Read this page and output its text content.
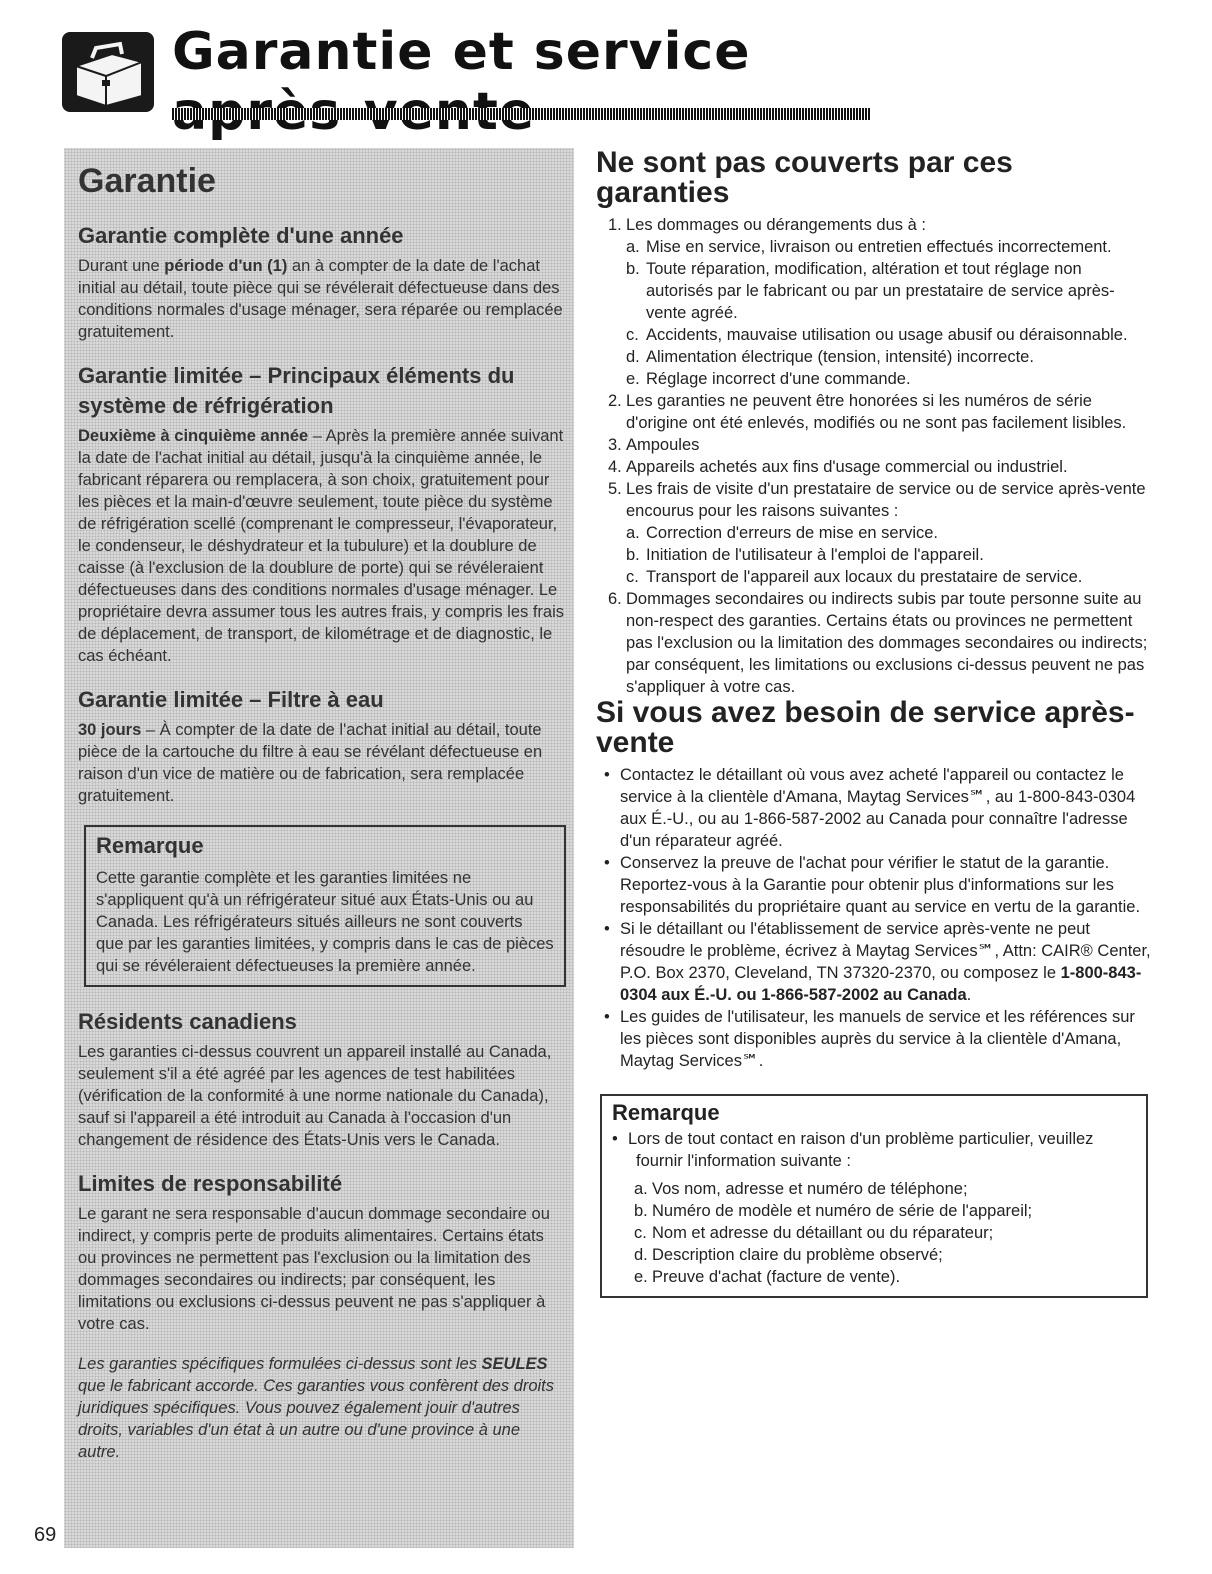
Garantie et service
Garantie
Garantie complète d'une année

Durant une période d'un (1) an à compter de la date de l'achat initial au détail, toute pièce qui se révélerait défectueuse dans des conditions normales d'usage ménager, sera réparée ou remplacée gratuitement.

Garantie limitée – Principaux éléments du système de réfrigération

Deuxième à cinquième année – Après la première année suivant la date de l'achat initial au détail, jusqu'à la cinquième année, le fabricant réparera ou remplacera, à son choix, gratuitement pour les pièces et la main-d'œuvre seulement, toute pièce du système de réfrigération scellé (comprenant le compresseur, l'évaporateur, le condenseur, le déshydrateur et la tubulure) et la doublure de caisse (à l'exclusion de la doublure de porte) qui se révéleraient défectueuses dans des conditions normales d'usage ménager. Le propriétaire devra assumer tous les autres frais, y compris les frais de déplacement, de transport, de kilométrage et de diagnostic, le cas échéant.

Garantie limitée – Filtre à eau

30 jours – À compter de la date de l'achat initial au détail, toute pièce de la cartouche du filtre à eau se révélant défectueuse en raison d'un vice de matière ou de fabrication, sera remplacée gratuitement.

Remarque

Cette garantie complète et les garanties limitées ne s'appliquent qu'à un réfrigérateur situé aux États-Unis ou au Canada. Les réfrigérateurs situés ailleurs ne sont couverts que par les garanties limitées, y compris dans le cas de pièces qui se révéleraient défectueuses la première année.

Résidents canadiens

Les garanties ci-dessus couvrent un appareil installé au Canada, seulement s'il a été agréé par les agences de test habilitées (vérification de la conformité à une norme nationale du Canada), sauf si l'appareil a été introduit au Canada à l'occasion d'un changement de résidence des États-Unis vers le Canada.

Limites de responsabilité

Le garant ne sera responsable d'aucun dommage secondaire ou indirect, y compris perte de produits alimentaires. Certains états ou provinces ne permettent pas l'exclusion ou la limitation des dommages secondaires ou indirects; par conséquent, les limitations ou exclusions ci-dessus peuvent ne pas s'appliquer à votre cas.

Les garanties spécifiques formulées ci-dessus sont les SEULES que le fabricant accorde. Ces garanties vous confèrent des droits juridiques spécifiques. Vous pouvez également jouir d'autres droits, variables d'un état à un autre ou d'une province à une autre.

69
Ne sont pas couverts par ces garanties
1. Les dommages ou dérangements dus à :
a. Mise en service, livraison ou entretien effectués incorrectement.
b. Toute réparation, modification, altération et tout réglage non autorisés par le fabricant ou par un prestataire de service après-vente agréé.
c. Accidents, mauvaise utilisation ou usage abusif ou déraisonnable.
d. Alimentation électrique (tension, intensité) incorrecte.
e. Réglage incorrect d'une commande.
2. Les garanties ne peuvent être honorées si les numéros de série d'origine ont été enlevés, modifiés ou ne sont pas facilement lisibles.
3. Ampoules
4. Appareils achetés aux fins d'usage commercial ou industriel.
5. Les frais de visite d'un prestataire de service ou de service après-vente encourus pour les raisons suivantes :
a. Correction d'erreurs de mise en service.
b. Initiation de l'utilisateur à l'emploi de l'appareil.
c. Transport de l'appareil aux locaux du prestataire de service.
6. Dommages secondaires ou indirects subis par toute personne suite au non-respect des garanties. Certains états ou provinces ne permettent pas l'exclusion ou la limitation des dommages secondaires ou indirects; par conséquent, les limitations ou exclusions ci-dessus peuvent ne pas s'appliquer à votre cas.
Si vous avez besoin de service après-vente
• Contactez le détaillant où vous avez acheté l'appareil ou contactez le service à la clientèle d'Amana, Maytag Services℠, au 1-800-843-0304 aux É.-U., ou au 1-866-587-2002 au Canada pour connaître l'adresse d'un réparateur agréé.
• Conservez la preuve de l'achat pour vérifier le statut de la garantie. Reportez-vous à la Garantie pour obtenir plus d'informations sur les responsabilités du propriétaire quant au service en vertu de la garantie.
• Si le détaillant ou l'établissement de service après-vente ne peut résoudre le problème, écrivez à Maytag Services℠, Attn: CAIR® Center, P.O. Box 2370, Cleveland, TN 37320-2370, ou composez le 1-800-843-0304 aux É.-U. ou 1-866-587-2002 au Canada.
• Les guides de l'utilisateur, les manuels de service et les références sur les pièces sont disponibles auprès du service à la clientèle d'Amana, Maytag Services℠.
Remarque
• Lors de tout contact en raison d'un problème particulier, veuillez fournir l'information suivante :
a. Vos nom, adresse et numéro de téléphone;
b. Numéro de modèle et numéro de série de l'appareil;
c. Nom et adresse du détaillant ou du réparateur;
d. Description claire du problème observé;
e. Preuve d'achat (facture de vente).
